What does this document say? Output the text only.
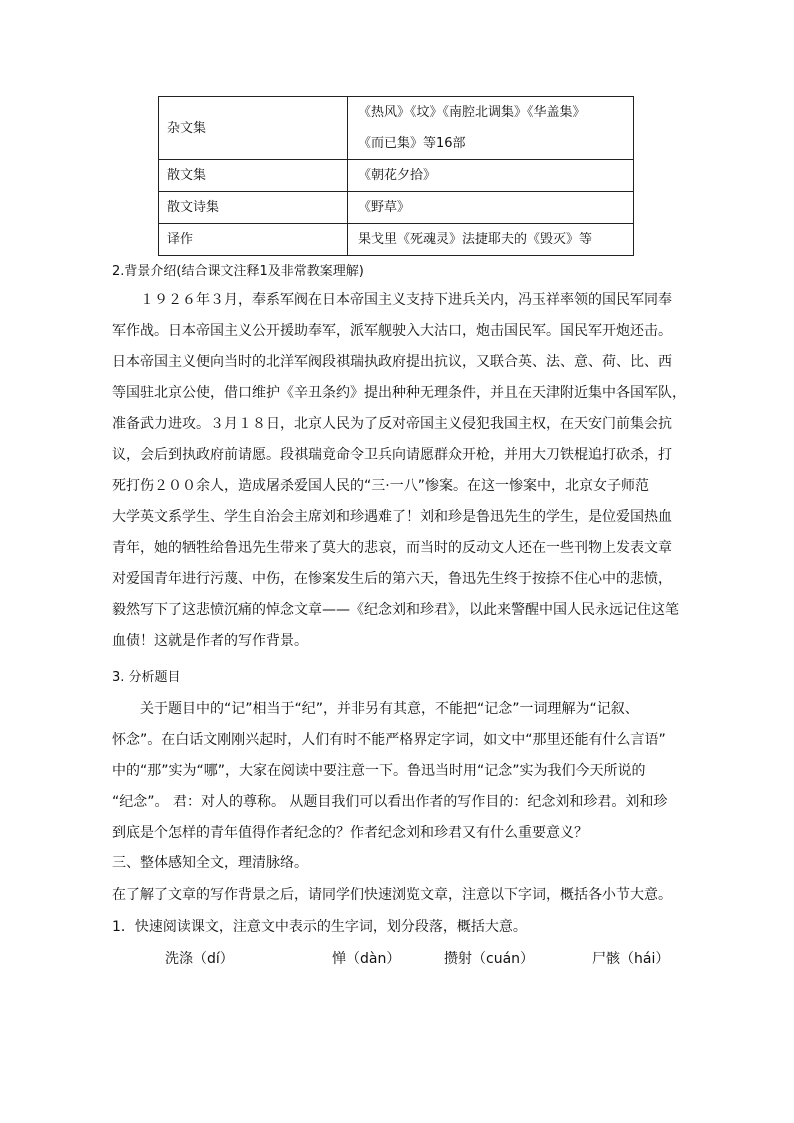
杂文集	《热风》《坟》《南腔北调集》《华盖集》
《而已集》等16部

散文集	《朝花夕拾》
散文诗集	《野草》
译作	果戈里《死魂灵》法捷耶夫的《毁灭》等
2.背景介绍(结合课文注释1及非常教案理解)
１９２６年３月，奉系军阀在日本帝国主义支持下进兵关内，冯玉祥率领的国民军同奉
军作战。日本帝国主义公开援助奉军，派军舰驶入大沽口，炮击国民军。国民军开炮还击。
日本帝国主义便向当时的北洋军阀段祺瑞执政府提出抗议，又联合英、法、意、荷、比、西
等国驻北京公使，借口维护《辛丑条约》提出种种无理条件，并且在天津附近集中各国军队，
准备武力进攻。３月１８日，北京人民为了反对帝国主义侵犯我国主权，在天安门前集会抗
议，会后到执政府前请愿。段祺瑞竟命令卫兵向请愿群众开枪，并用大刀铁棍追打砍杀，打
死打伤２００余人，造成屠杀爱国人民的“三·一八”惨案。在这一惨案中，北京女子师范
大学英文系学生、学生自治会主席刘和珍遇难了！刘和珍是鲁迅先生的学生，是位爱国热血
青年，她的牺牲给鲁迅先生带来了莫大的悲哀，而当时的反动文人还在一些刊物上发表文章
对爱国青年进行污蔑、中伤，在惨案发生后的第六天，鲁迅先生终于按捺不住心中的悲愤，
毅然写下了这悲愤沉痛的悼念文章——《纪念刘和珍君》，以此来警醒中国人民永远记住这笔
血债！这就是作者的写作背景。
3. 分析题目
关于题目中的“记”相当于“纪”，并非另有其意，不能把“记念”一词理解为“记叙、
怀念”。在白话文刚刚兴起时，人们有时不能严格界定字词，如文中“那里还能有什么言语”
中的“那”实为“哪”，大家在阅读中要注意一下。鲁迅当时用“记念”实为我们今天所说的
“纪念”。 君：对人的尊称。 从题目我们可以看出作者的写作目的：纪念刘和珍君。刘和珍
到底是个怎样的青年值得作者纪念的？作者纪念刘和珍君又有什么重要意义？
三、整体感知全文，理清脉络。
在了解了文章的写作背景之后，请同学们快速浏览文章，注意以下字词，概括各小节大意。
1．快速阅读课文，注意文中表示的生字词，划分段落，概括大意。
洗涤（dí）	惮（dàn）	攒射（cuán）	尸骸（hái）
